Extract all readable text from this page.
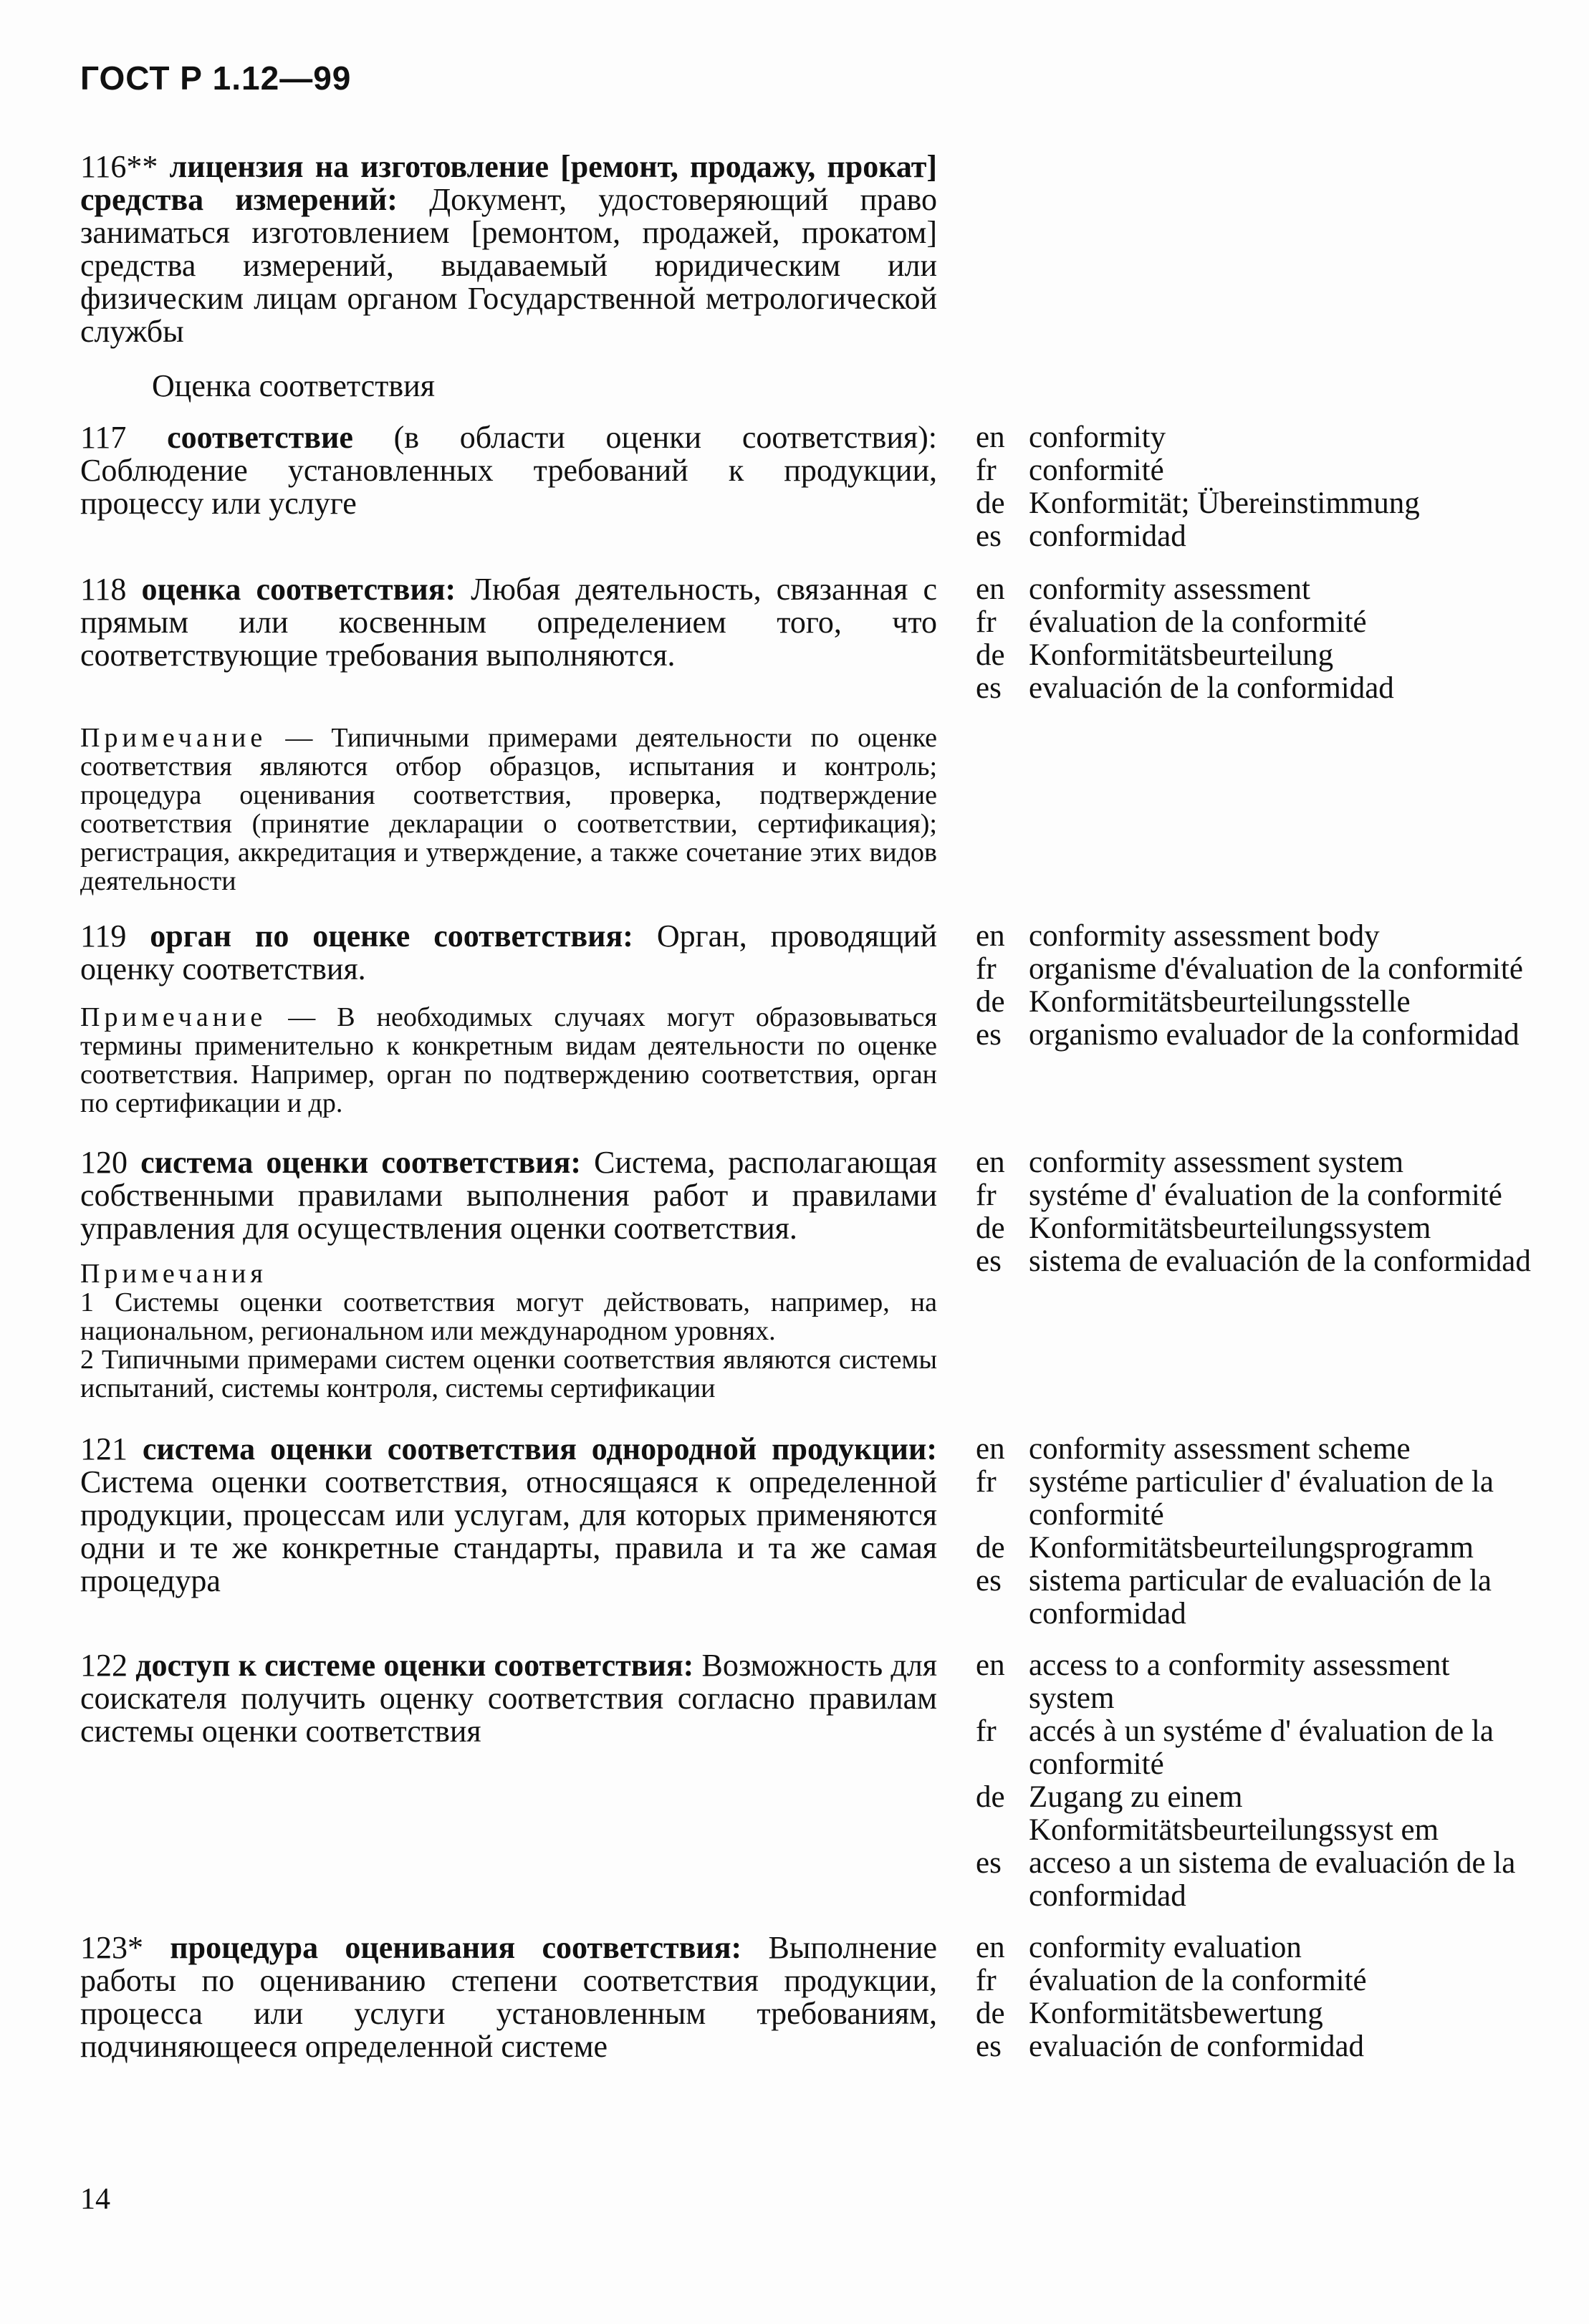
ГОСТ Р 1.12—99
116** лицензия на изготовление [ремонт, продажу, прокат] средства измерений: Документ, удостоверяющий право заниматься изготовлением [ремонтом, продажей, прокатом] средства измерений, выдаваемый юридическим или физическим лицам органом Государственной метрологической службы
Оценка соответствия
117 соответствие (в области оценки соответствия): Соблюдение установленных требований к продукции, процессу или услуге
en conformity
fr	conformité
de Konformität; Übereinstimmung
es conformidad
118 оценка соответствия: Любая деятельность, связанная с прямым или косвенным определением того, что соответствующие требования выполняются.
Примечание — Типичными примерами деятельности по оценке соответствия являются отбор образцов, испытания и контроль; процедура оценивания соответствия, проверка, подтверждение соответствия (принятие декларации о соответствии, сертификация); регистрация, аккредитация и утверждение, а также сочетание этих видов деятельности
en conformity assessment
fr	évaluation de la conformité
de Konformitätsbeurteilung
es evaluación de la conformidad
119 орган по оценке соответствия: Орган, проводящий оценку соответствия.
Примечание — В необходимых случаях могут образовываться термины применительно к конкретным видам деятельности по оценке соответствия. Например, орган по подтверждению соответствия, орган по сертификации и др.
en conformity assessment body
fr	organisme d'évaluation de la conformité
de Konformitätsbeurteilungsstelle
es organismo evaluador de la conformidad
120 система оценки соответствия: Система, располагающая собственными правилами выполнения работ и правилами управления для осуществления оценки соответствия.
Примечания
1 Системы оценки соответствия могут действовать, например, на национальном, региональном или международном уровнях.
2 Типичными примерами систем оценки соответствия являются системы испытаний, системы контроля, системы сертификации
en conformity assessment system
fr	systéme d' évaluation de la conformité
de Konformitätsbeurteilungssystem
es sistema de evaluación de la conformidad
121 система оценки соответствия однородной продукции: Система оценки соответствия, относящаяся к определенной продукции, процессам или услугам, для которых применяются одни и те же конкретные стандарты, правила и та же самая процедура
en conformity assessment scheme
fr	systéme particulier d' évaluation de la conformité
de Konformitätsbeurteilungsprogramm
es sistema particular de evaluación de la conformidad
122 доступ к системе оценки соответствия: Возможность для соискателя получить оценку соответствия согласно правилам системы оценки соответствия
en access to a conformity assessment system
fr	accés à un systéme d' évaluation de la conformité
de Zugang zu einem Konformitätsbeurteilungssyst em
es acceso a un sistema de evaluación de la conformidad
123* процедура оценивания соответствия: Выполнение работы по оцениванию степени соответствия продукции, процесса или услуги установленным требованиям, подчиняющееся определенной системе
en conformity evaluation
fr	évaluation de la conformité
de Konformitätsbewertung
es evaluación de conformidad
14
